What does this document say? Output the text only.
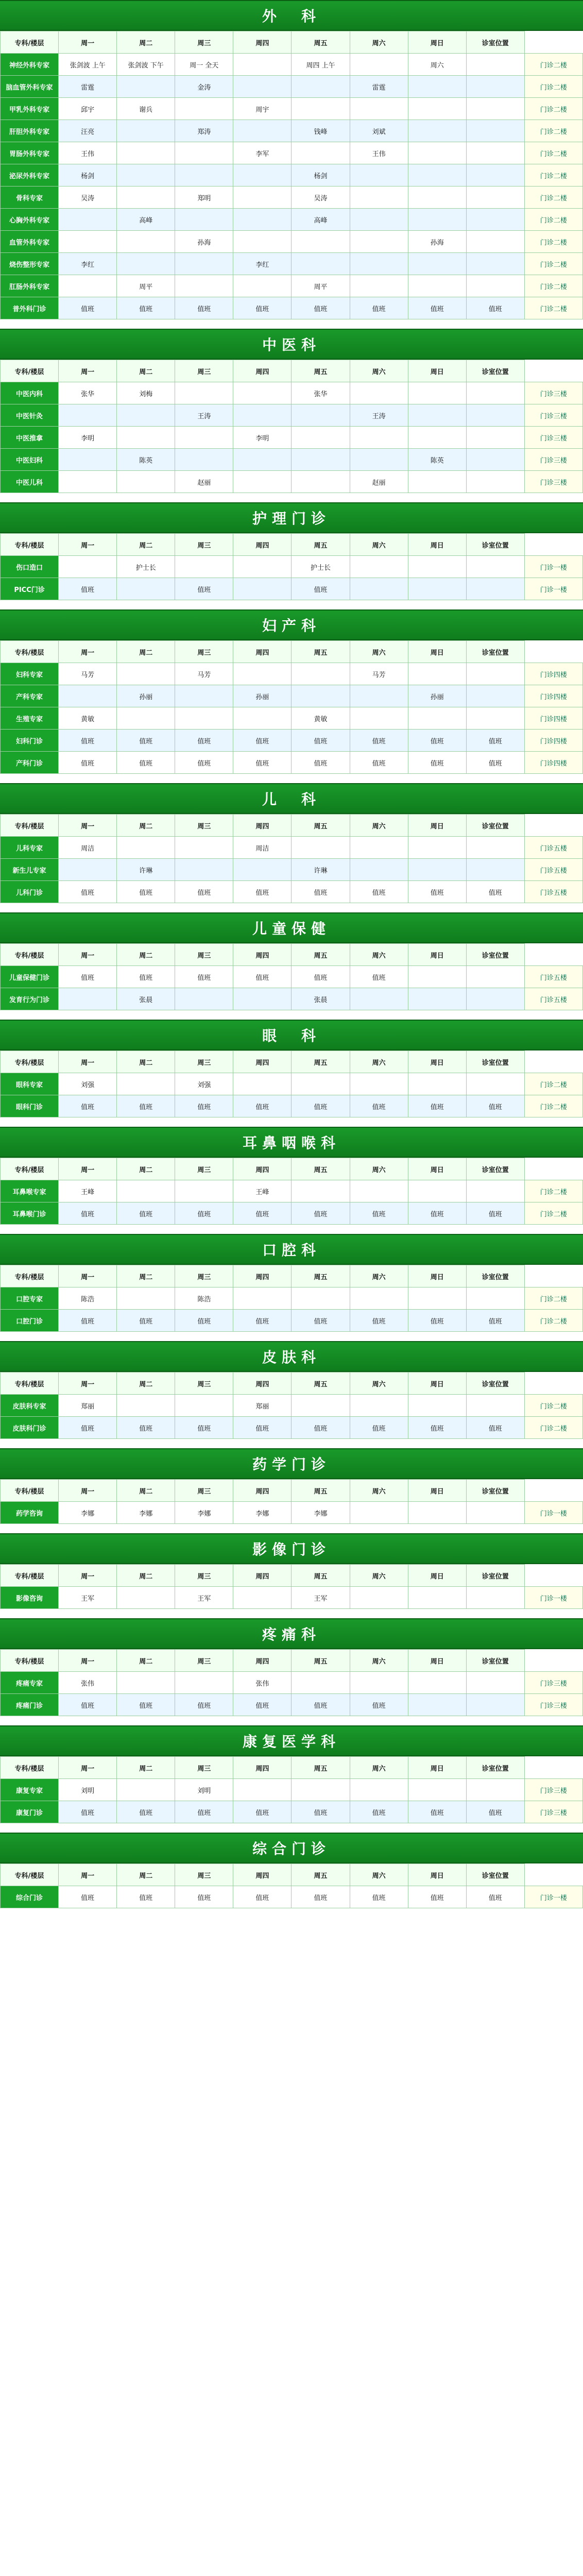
外　科
专科/楼层	周一	周二	周三	周四	周五	周六	周日	诊室位置	
神经外科专家	张剑波 上午	张剑波 下午	周一 全天		周四 上午		周六		门诊二楼
脑血管外科专家	雷霆		金涛			雷霆			门诊二楼
甲乳外科专家	邱宇	谢兵		周宇					门诊二楼
肝胆外科专家	汪亮		郑涛		钱峰	刘斌			门诊二楼
胃肠外科专家	王伟			李军		王伟			门诊二楼
泌尿外科专家	杨剑				杨剑				门诊二楼
骨科专家	吴涛		郑明		吴涛				门诊二楼
心胸外科专家		高峰			高峰				门诊二楼
血管外科专家			孙海				孙海		门诊二楼
烧伤整形专家	李红			李红					门诊二楼
肛肠外科专家		周平			周平				门诊二楼
普外科门诊	值班	值班	值班	值班	值班	值班	值班	值班	门诊二楼
中医科
专科/楼层	周一	周二	周三	周四	周五	周六	周日	诊室位置	
中医内科	张华	刘梅			张华				门诊三楼
中医针灸			王涛			王涛			门诊三楼
中医推拿	李明			李明					门诊三楼
中医妇科		陈英					陈英		门诊三楼
中医儿科			赵丽			赵丽			门诊三楼
护理门诊
专科/楼层	周一	周二	周三	周四	周五	周六	周日	诊室位置	
伤口造口		护士长			护士长				门诊一楼
PICC门诊	值班		值班		值班				门诊一楼
妇产科
专科/楼层	周一	周二	周三	周四	周五	周六	周日	诊室位置	
妇科专家	马芳		马芳			马芳			门诊四楼
产科专家		孙丽		孙丽			孙丽		门诊四楼
生殖专家	黄敏				黄敏				门诊四楼
妇科门诊	值班	值班	值班	值班	值班	值班	值班	值班	门诊四楼
产科门诊	值班	值班	值班	值班	值班	值班	值班	值班	门诊四楼
儿　科
专科/楼层	周一	周二	周三	周四	周五	周六	周日	诊室位置	
儿科专家	周洁			周洁					门诊五楼
新生儿专家		许琳			许琳				门诊五楼
儿科门诊	值班	值班	值班	值班	值班	值班	值班	值班	门诊五楼
儿童保健
专科/楼层	周一	周二	周三	周四	周五	周六	周日	诊室位置	
儿童保健门诊	值班	值班	值班	值班	值班	值班			门诊五楼
发育行为门诊		张晨			张晨				门诊五楼
眼　科
专科/楼层	周一	周二	周三	周四	周五	周六	周日	诊室位置	
眼科专家	刘强		刘强						门诊二楼
眼科门诊	值班	值班	值班	值班	值班	值班	值班	值班	门诊二楼
耳鼻咽喉科
专科/楼层	周一	周二	周三	周四	周五	周六	周日	诊室位置	
耳鼻喉专家	王峰			王峰					门诊二楼
耳鼻喉门诊	值班	值班	值班	值班	值班	值班	值班	值班	门诊二楼
口腔科
专科/楼层	周一	周二	周三	周四	周五	周六	周日	诊室位置	
口腔专家	陈浩		陈浩						门诊二楼
口腔门诊	值班	值班	值班	值班	值班	值班	值班	值班	门诊二楼
皮肤科
专科/楼层	周一	周二	周三	周四	周五	周六	周日	诊室位置	
皮肤科专家	郑丽			郑丽					门诊二楼
皮肤科门诊	值班	值班	值班	值班	值班	值班	值班	值班	门诊二楼
药学门诊
专科/楼层	周一	周二	周三	周四	周五	周六	周日	诊室位置	
药学咨询	李娜	李娜	李娜	李娜	李娜				门诊一楼
影像门诊
专科/楼层	周一	周二	周三	周四	周五	周六	周日	诊室位置	
影像咨询	王军		王军		王军				门诊一楼
疼痛科
专科/楼层	周一	周二	周三	周四	周五	周六	周日	诊室位置	
疼痛专家	张伟			张伟					门诊三楼
疼痛门诊	值班	值班	值班	值班	值班	值班			门诊三楼
康复医学科
专科/楼层	周一	周二	周三	周四	周五	周六	周日	诊室位置	
康复专家	刘明		刘明						门诊三楼
康复门诊	值班	值班	值班	值班	值班	值班	值班	值班	门诊三楼
综合门诊
专科/楼层	周一	周二	周三	周四	周五	周六	周日	诊室位置	
综合门诊	值班	值班	值班	值班	值班	值班	值班	值班	门诊一楼
